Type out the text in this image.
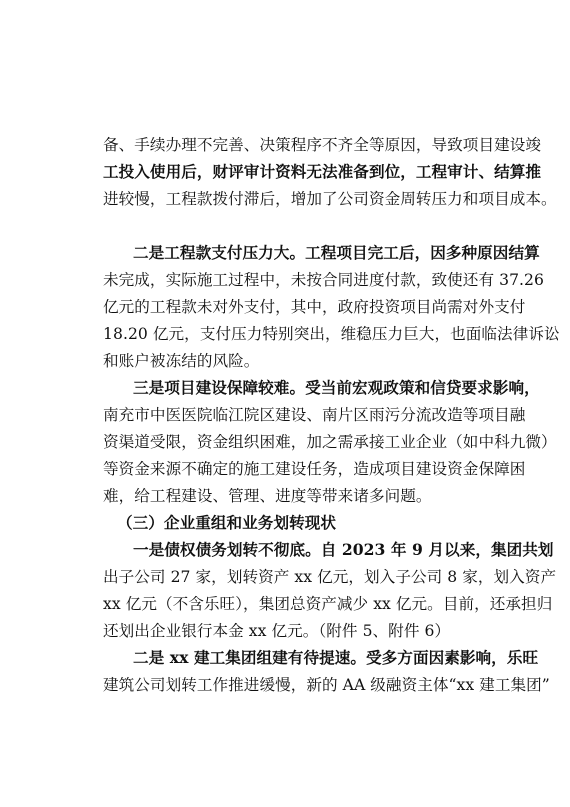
备、手续办理不完善、决策程序不齐全等原因，导致项目建设竣
工投入使用后，财评审计资料无法准备到位，工程审计、结算推
进较慢，工程款拨付滞后，增加了公司资金周转压力和项目成本。
二是工程款支付压力大。工程项目完工后，因多种原因结算
未完成，实际施工过程中，未按合同进度付款，致使还有 37.26
亿元的工程款未对外支付，其中，政府投资项目尚需对外支付
18.20 亿元，支付压力特别突出，维稳压力巨大，也面临法律诉讼
和账户被冻结的风险。
三是项目建设保障较难。受当前宏观政策和信贷要求影响，
南充市中医医院临江院区建设、南片区雨污分流改造等项目融
资渠道受限，资金组织困难，加之需承接工业企业（如中科九微）
等资金来源不确定的施工建设任务，造成项目建设资金保障困
难，给工程建设、管理、进度等带来诸多问题。
（三）企业重组和业务划转现状
一是债权债务划转不彻底。自 2023 年 9 月以来，集团共划
出子公司 27 家，划转资产 xx 亿元，划入子公司 8 家，划入资产
xx 亿元（不含乐旺），集团总资产减少 xx 亿元。目前，还承担归
还划出企业银行本金 xx 亿元。（附件 5、附件 6）
二是 xx 建工集团组建有待提速。受多方面因素影响，乐旺
建筑公司划转工作推进缓慢，新的 AA 级融资主体“xx 建工集团”
